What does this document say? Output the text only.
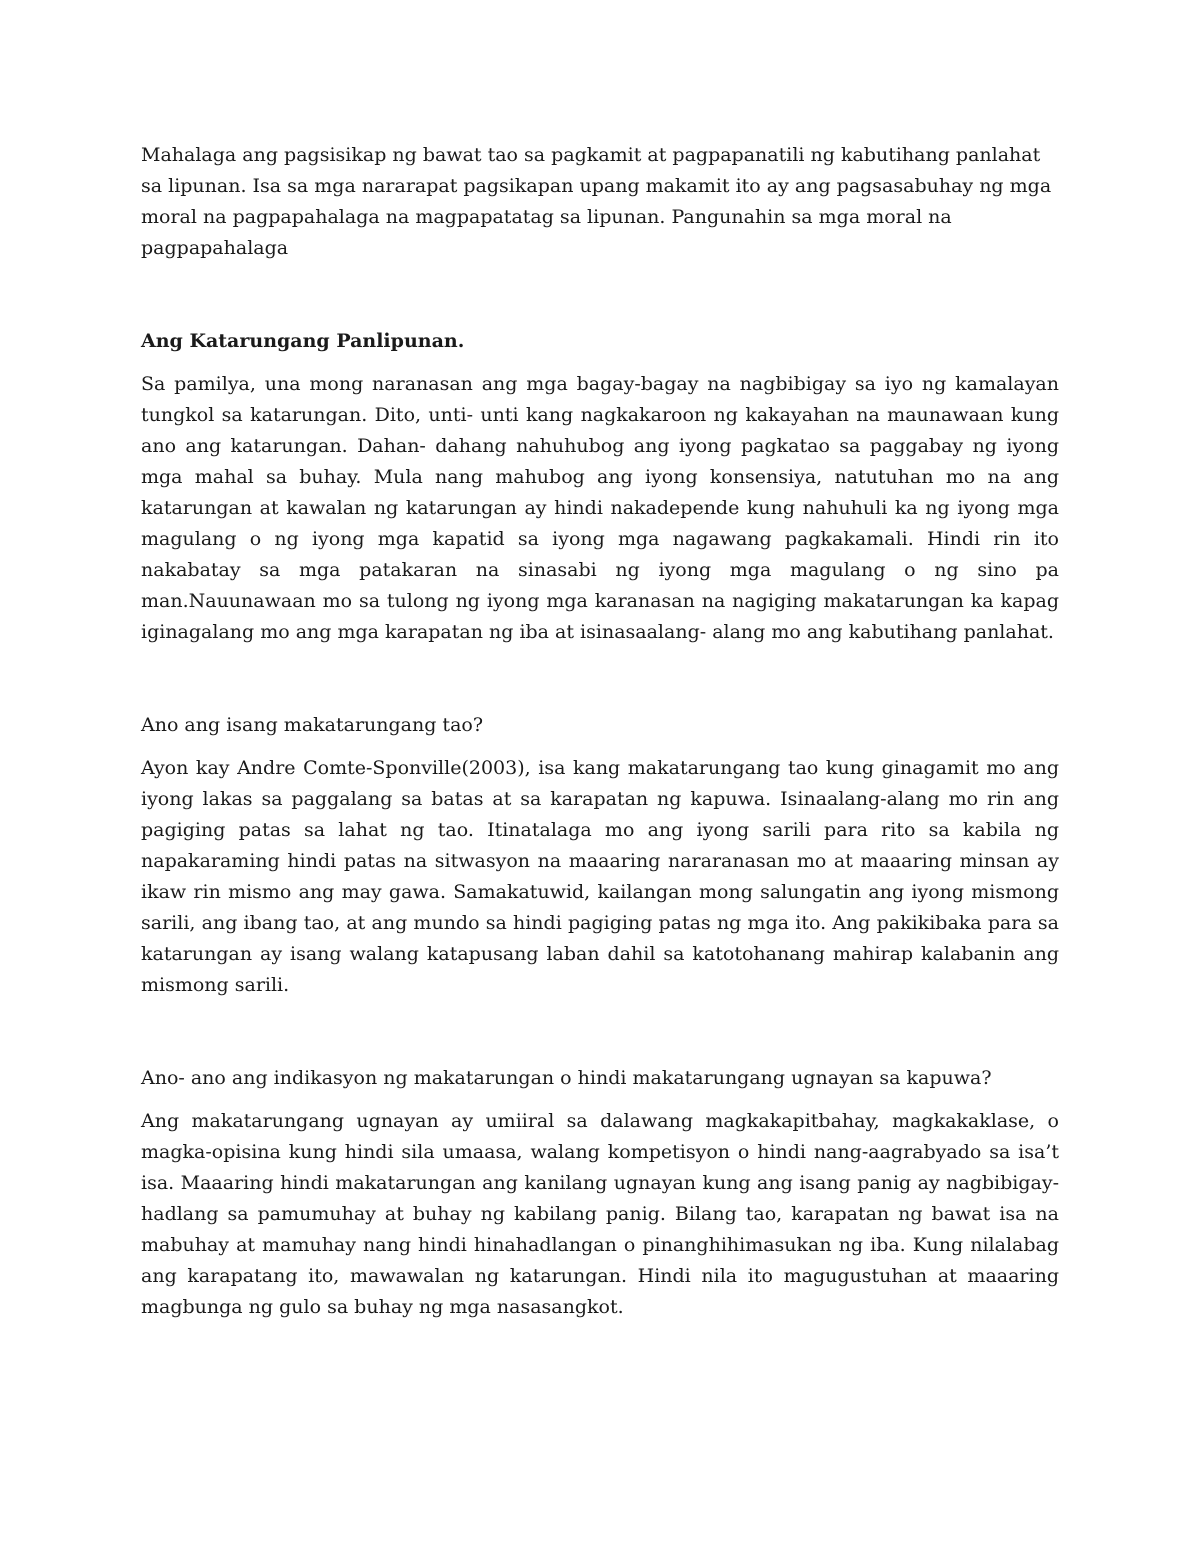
Mahalaga ang pagsisikap ng bawat tao sa pagkamit at pagpapanatili ng kabutihang panlahat sa lipunan. Isa sa mga nararapat pagsikapan upang makamit ito ay ang pagsasabuhay ng mga moral na pagpapahalaga na magpapatatag sa lipunan. Pangunahin sa mga moral na pagpapahalaga

Ang Katarungang Panlipunan.

Sa pamilya, una mong naranasan ang mga bagay-bagay na nagbibigay sa iyo ng kamalayan tungkol sa katarungan. Dito, unti- unti kang nagkakaroon ng kakayahan na maunawaan kung ano ang katarungan. Dahan- dahang nahuhubog ang iyong pagkatao sa paggabay ng iyong mga mahal sa buhay. Mula nang mahubog ang iyong konsensiya, natutuhan mo na ang katarungan at kawalan ng katarungan ay hindi nakadepende kung nahuhuli ka ng iyong mga magulang o ng iyong mga kapatid sa iyong mga nagawang pagkakamali. Hindi rin ito nakabatay sa mga patakaran na sinasabi ng iyong mga magulang o ng sino pa man.Nauunawaan mo sa tulong ng iyong mga karanasan na nagiging makatarungan ka kapag iginagalang mo ang mga karapatan ng iba at isinasaalang- alang mo ang kabutihang panlahat.

Ano ang isang makatarungang tao?

Ayon kay Andre Comte-Sponville(2003), isa kang makatarungang tao kung ginagamit mo ang iyong lakas sa paggalang sa batas at sa karapatan ng kapuwa. Isinaalang-alang mo rin ang pagiging patas sa lahat ng tao. Itinatalaga mo ang iyong sarili para rito sa kabila ng napakaraming hindi patas na sitwasyon na maaaring nararanasan mo at maaaring minsan ay ikaw rin mismo ang may gawa. Samakatuwid, kailangan mong salungatin ang iyong mismong sarili, ang ibang tao, at ang mundo sa hindi pagiging patas ng mga ito. Ang pakikibaka para sa katarungan ay isang walang katapusang laban dahil sa katotohanang mahirap kalabanin ang mismong sarili.

Ano- ano ang indikasyon ng makatarungan o hindi makatarungang ugnayan sa kapuwa?

Ang makatarungang ugnayan ay umiiral sa dalawang magkakapitbahay, magkakaklase, o magka-opisina kung hindi sila umaasa, walang kompetisyon o hindi nang-aagrabyado sa isa’t isa. Maaaring hindi makatarungan ang kanilang ugnayan kung ang isang panig ay nagbibigay-hadlang sa pamumuhay at buhay ng kabilang panig. Bilang tao, karapatan ng bawat isa na mabuhay at mamuhay nang hindi hinahadlangan o pinanghihimasukan ng iba. Kung nilalabag ang karapatang ito, mawawalan ng katarungan. Hindi nila ito magugustuhan at maaaring magbunga ng gulo sa buhay ng mga nasasangkot.
